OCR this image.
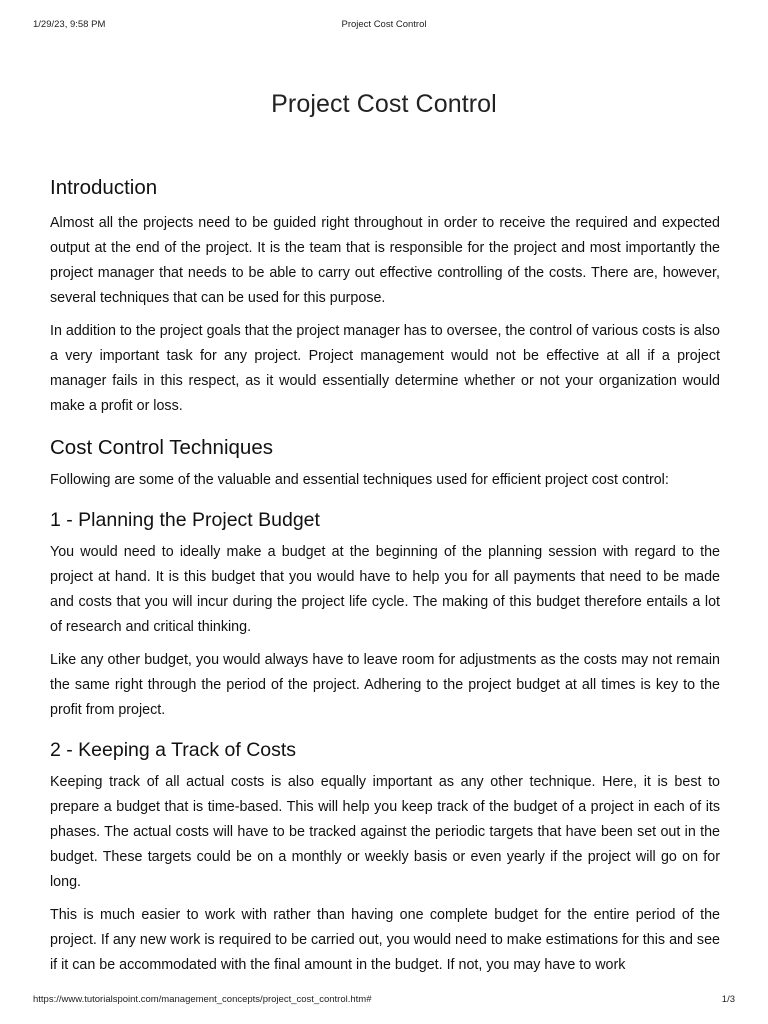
1/29/23, 9:58 PM	Project Cost Control
Project Cost Control
Introduction

Almost all the projects need to be guided right throughout in order to receive the required and expected output at the end of the project. It is the team that is responsible for the project and most importantly the project manager that needs to be able to carry out effective controlling of the costs. There are, however, several techniques that can be used for this purpose.

In addition to the project goals that the project manager has to oversee, the control of various costs is also a very important task for any project. Project management would not be effective at all if a project manager fails in this respect, as it would essentially determine whether or not your organization would make a profit or loss.

Cost Control Techniques

Following are some of the valuable and essential techniques used for efficient project cost control:

1 - Planning the Project Budget

You would need to ideally make a budget at the beginning of the planning session with regard to the project at hand. It is this budget that you would have to help you for all payments that need to be made and costs that you will incur during the project life cycle. The making of this budget therefore entails a lot of research and critical thinking.

Like any other budget, you would always have to leave room for adjustments as the costs may not remain the same right through the period of the project. Adhering to the project budget at all times is key to the profit from project.

2 - Keeping a Track of Costs

Keeping track of all actual costs is also equally important as any other technique. Here, it is best to prepare a budget that is time-based. This will help you keep track of the budget of a project in each of its phases. The actual costs will have to be tracked against the periodic targets that have been set out in the budget. These targets could be on a monthly or weekly basis or even yearly if the project will go on for long.

This is much easier to work with rather than having one complete budget for the entire period of the project. If any new work is required to be carried out, you would need to make estimations for this and see if it can be accommodated with the final amount in the budget. If not, you may have to work

https://www.tutorialspoint.com/management_concepts/project_cost_control.htm#	1/3
